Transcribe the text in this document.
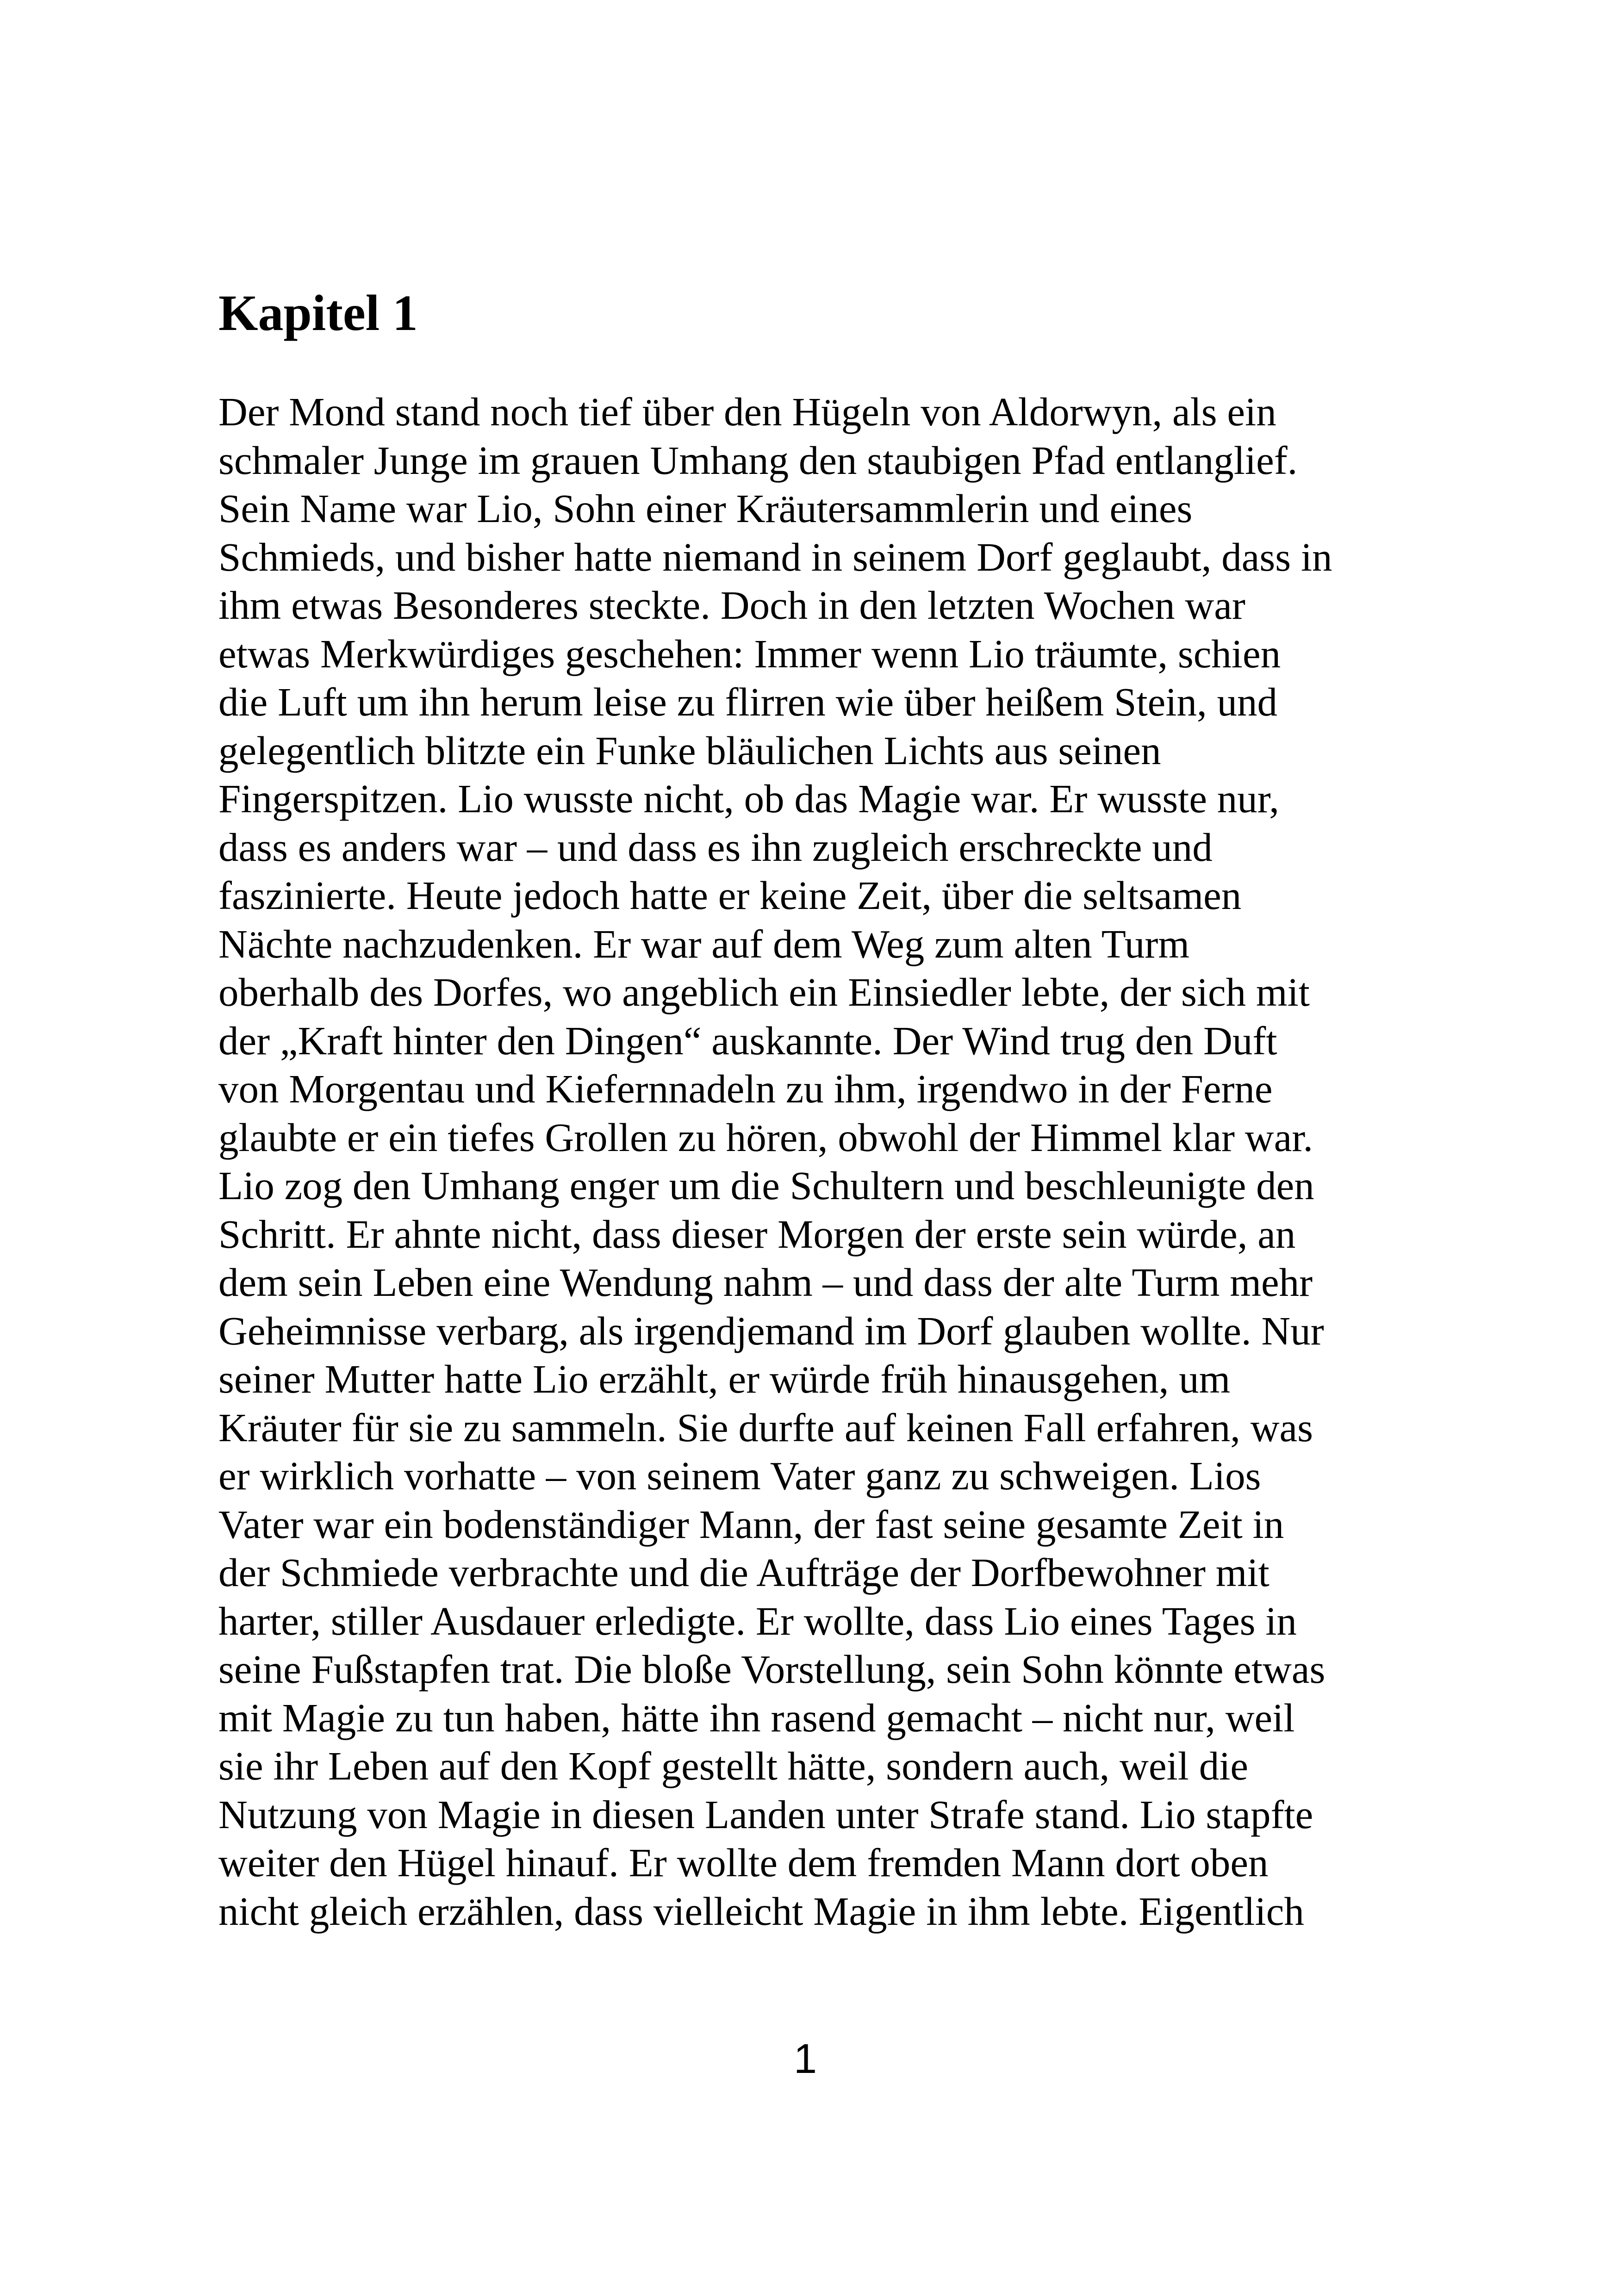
Kapitel 1
Der Mond stand noch tief über den Hügeln von Aldorwyn, als ein
schmaler Junge im grauen Umhang den staubigen Pfad entlanglief.
Sein Name war Lio, Sohn einer Kräutersammlerin und eines
Schmieds, und bisher hatte niemand in seinem Dorf geglaubt, dass in
ihm etwas Besonderes steckte. Doch in den letzten Wochen war
etwas Merkwürdiges geschehen: Immer wenn Lio träumte, schien
die Luft um ihn herum leise zu flirren wie über heißem Stein, und
gelegentlich blitzte ein Funke bläulichen Lichts aus seinen
Fingerspitzen. Lio wusste nicht, ob das Magie war. Er wusste nur,
dass es anders war – und dass es ihn zugleich erschreckte und
faszinierte. Heute jedoch hatte er keine Zeit, über die seltsamen
Nächte nachzudenken. Er war auf dem Weg zum alten Turm
oberhalb des Dorfes, wo angeblich ein Einsiedler lebte, der sich mit
der „Kraft hinter den Dingen“ auskannte. Der Wind trug den Duft
von Morgentau und Kiefernnadeln zu ihm, irgendwo in der Ferne
glaubte er ein tiefes Grollen zu hören, obwohl der Himmel klar war.
Lio zog den Umhang enger um die Schultern und beschleunigte den
Schritt. Er ahnte nicht, dass dieser Morgen der erste sein würde, an
dem sein Leben eine Wendung nahm – und dass der alte Turm mehr
Geheimnisse verbarg, als irgendjemand im Dorf glauben wollte. Nur
seiner Mutter hatte Lio erzählt, er würde früh hinausgehen, um
Kräuter für sie zu sammeln. Sie durfte auf keinen Fall erfahren, was
er wirklich vorhatte – von seinem Vater ganz zu schweigen. Lios
Vater war ein bodenständiger Mann, der fast seine gesamte Zeit in
der Schmiede verbrachte und die Aufträge der Dorfbewohner mit
harter, stiller Ausdauer erledigte. Er wollte, dass Lio eines Tages in
seine Fußstapfen trat. Die bloße Vorstellung, sein Sohn könnte etwas
mit Magie zu tun haben, hätte ihn rasend gemacht – nicht nur, weil
sie ihr Leben auf den Kopf gestellt hätte, sondern auch, weil die
Nutzung von Magie in diesen Landen unter Strafe stand. Lio stapfte
weiter den Hügel hinauf. Er wollte dem fremden Mann dort oben
nicht gleich erzählen, dass vielleicht Magie in ihm lebte. Eigentlich

1
